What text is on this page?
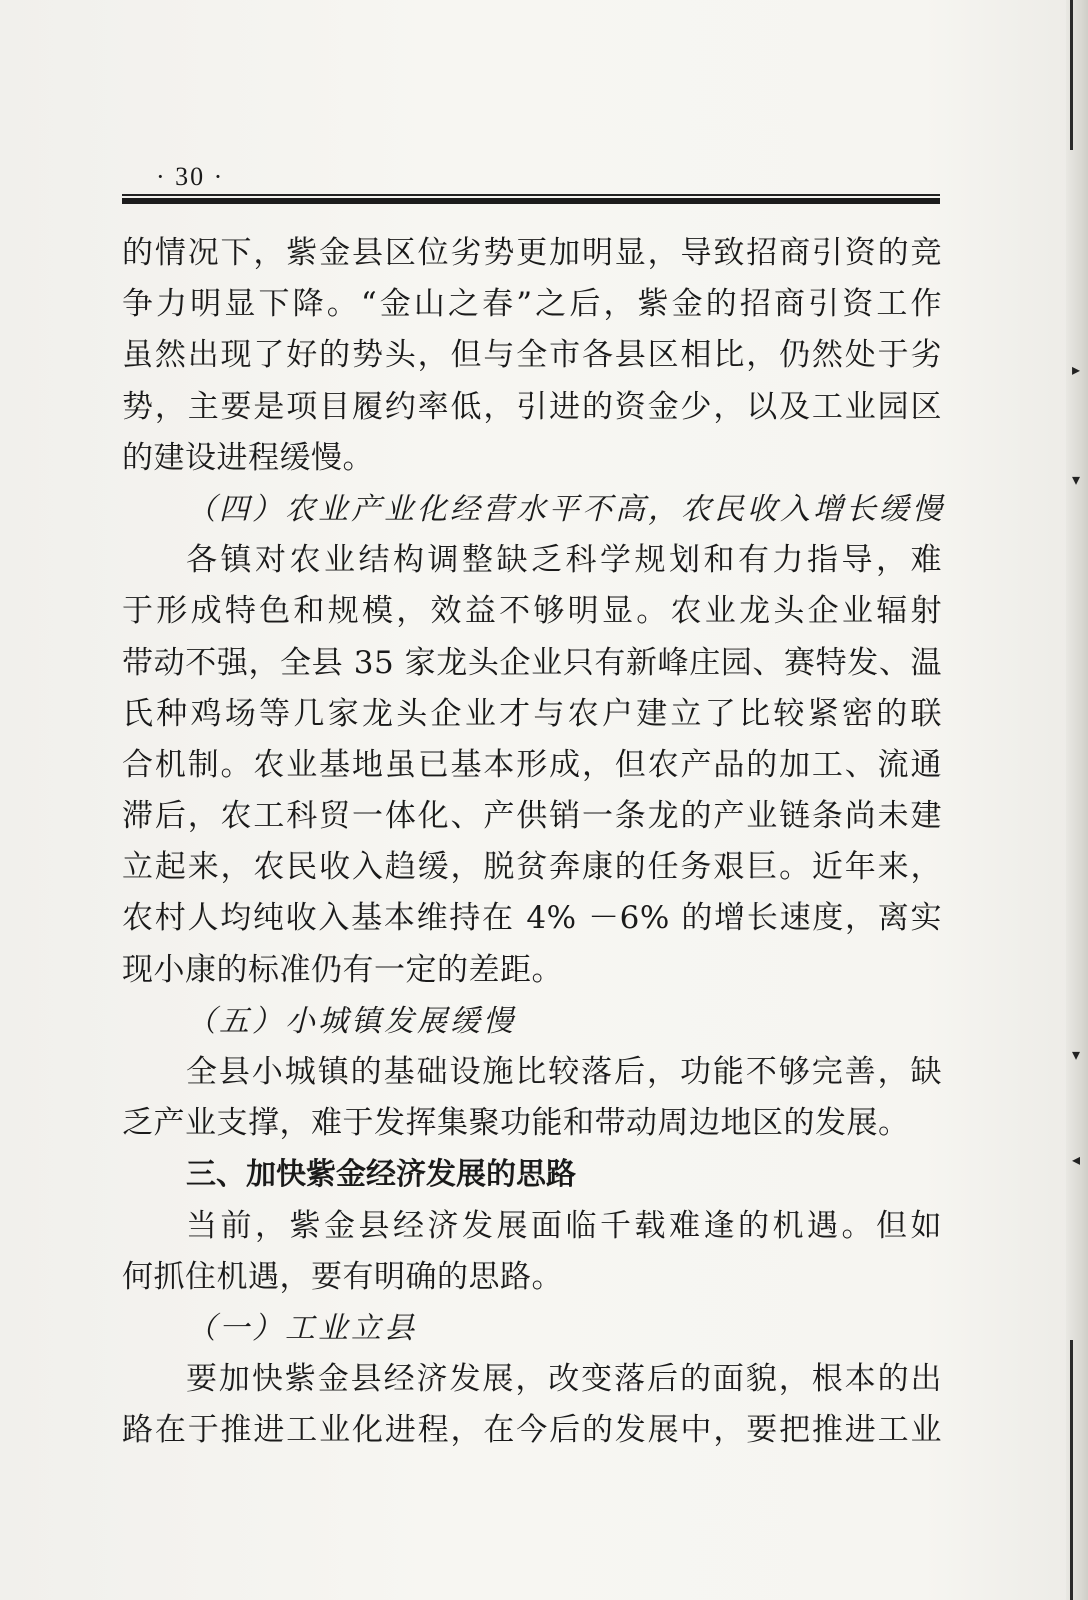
▸
▾
▾
◂
· 30 ·
的情况下，紫金县区位劣势更加明显，导致招商引资的竞
争力明显下降。“金山之春”之后，紫金的招商引资工作
虽然出现了好的势头，但与全市各县区相比，仍然处于劣
势，主要是项目履约率低，引进的资金少，以及工业园区
的建设进程缓慢。
（四）农业产业化经营水平不高，农民收入增长缓慢
各镇对农业结构调整缺乏科学规划和有力指导，难
于形成特色和规模，效益不够明显。农业龙头企业辐射
带动不强，全县 35 家龙头企业只有新峰庄园、赛特发、温
氏种鸡场等几家龙头企业才与农户建立了比较紧密的联
合机制。农业基地虽已基本形成，但农产品的加工、流通
滞后，农工科贸一体化、产供销一条龙的产业链条尚未建
立起来，农民收入趋缓，脱贫奔康的任务艰巨。近年来，
农村人均纯收入基本维持在 4% －6% 的增长速度，离实
现小康的标准仍有一定的差距。
（五）小城镇发展缓慢
全县小城镇的基础设施比较落后，功能不够完善，缺
乏产业支撑，难于发挥集聚功能和带动周边地区的发展。
三、加快紫金经济发展的思路
当前，紫金县经济发展面临千载难逢的机遇。但如
何抓住机遇，要有明确的思路。
（一）工业立县
要加快紫金县经济发展，改变落后的面貌，根本的出
路在于推进工业化进程，在今后的发展中，要把推进工业
